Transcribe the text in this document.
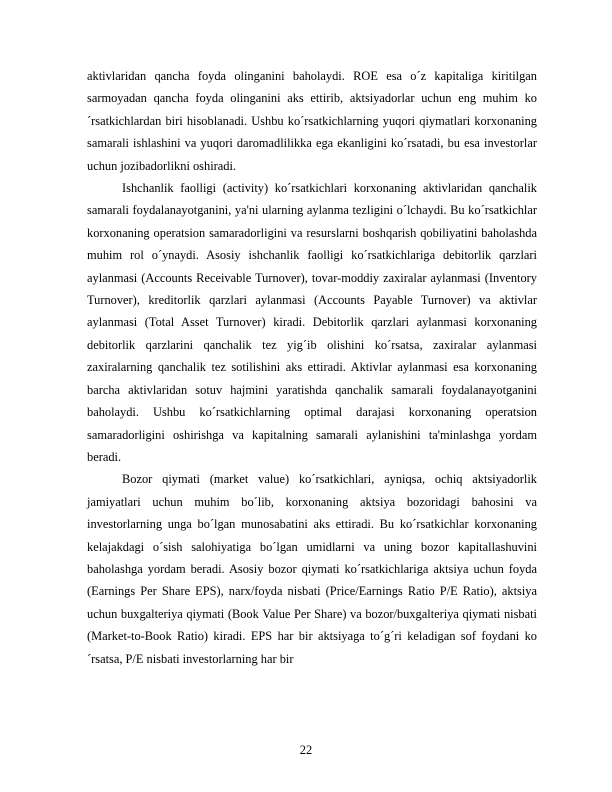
aktivlaridan qancha foyda olinganini baholaydi. ROE esa o´z kapitaliga kiritilgan sarmoyadan qancha foyda olinganini aks ettirib, aktsiyadorlar uchun eng muhim ko´rsatkichlardan biri hisoblanadi. Ushbu ko´rsatkichlarning yuqori qiymatlari korxonaning samarali ishlashini va yuqori daromadlilikka ega ekanligini ko´rsatadi, bu esa investorlar uchun jozibadorlikni oshiradi.

Ishchanlik faolligi (activity) ko´rsatkichlari korxonaning aktivlaridan qanchalik samarali foydalanayotganini, ya'ni ularning aylanma tezligini o´lchaydi. Bu ko´rsatkichlar korxonaning operatsion samaradorligini va resurslarni boshqarish qobiliyatini baholashda muhim rol o´ynaydi. Asosiy ishchanlik faolligi ko´rsatkichlariga debitorlik qarzlari aylanmasi (Accounts Receivable Turnover), tovar-moddiy zaxiralar aylanmasi (Inventory Turnover), kreditorlik qarzlari aylanmasi (Accounts Payable Turnover) va aktivlar aylanmasi (Total Asset Turnover) kiradi. Debitorlik qarzlari aylanmasi korxonaning debitorlik qarzlarini qanchalik tez yig´ib olishini ko´rsatsa, zaxiralar aylanmasi zaxiralarning qanchalik tez sotilishini aks ettiradi. Aktivlar aylanmasi esa korxonaning barcha aktivlaridan sotuv hajmini yaratishda qanchalik samarali foydalanayotganini baholaydi. Ushbu ko´rsatkichlarning optimal darajasi korxonaning operatsion samaradorligini oshirishga va kapitalning samarali aylanishini ta'minlashga yordam beradi.

Bozor qiymati (market value) ko´rsatkichlari, ayniqsa, ochiq aktsiyadorlik jamiyatlari uchun muhim bo´lib, korxonaning aktsiya bozoridagi bahosini va investorlarning unga bo´lgan munosabatini aks ettiradi. Bu ko´rsatkichlar korxonaning kelajakdagi o´sish salohiyatiga bo´lgan umidlarni va uning bozor kapitallashuvini baholashga yordam beradi. Asosiy bozor qiymati ko´rsatkichlariga aktsiya uchun foyda (Earnings Per Share EPS), narx/foyda nisbati (Price/Earnings Ratio P/E Ratio), aktsiya uchun buxgalteriya qiymati (Book Value Per Share) va bozor/buxgalteriya qiymati nisbati (Market-to-Book Ratio) kiradi. EPS har bir aktsiyaga to´g´ri keladigan sof foydani ko´rsatsa, P/E nisbati investorlarning har bir

22
